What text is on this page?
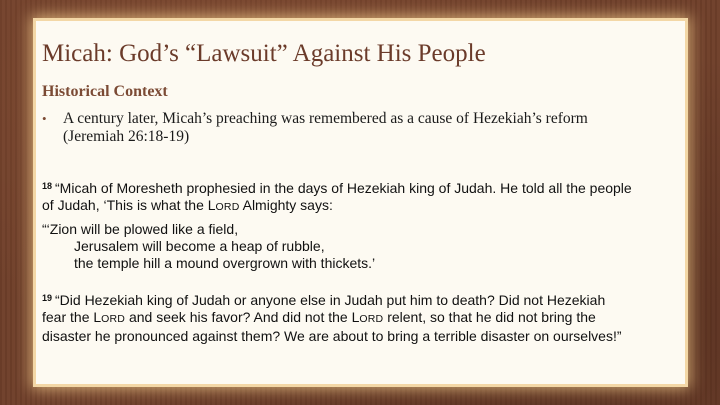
Micah: God’s “Lawsuit” Against His People
Historical Context
• A century later, Micah’s preaching was remembered as a cause of Hezekiah’s reform (Jeremiah 26:18-19)

$^{18}$ “Micah of Moresheth prophesied in the days of Hezekiah king of Judah. He told all the people of Judah, ‘This is what the LORD Almighty says:

“‘Zion will be plowed like a field,
Jerusalem will become a heap of rubble,
the temple hill a mound overgrown with thickets.’

$^{19}$ “Did Hezekiah king of Judah or anyone else in Judah put him to death? Did not Hezekiah fear the LORD and seek his favor? And did not the LORD relent, so that he did not bring the disaster he pronounced against them? We are about to bring a terrible disaster on ourselves!”
